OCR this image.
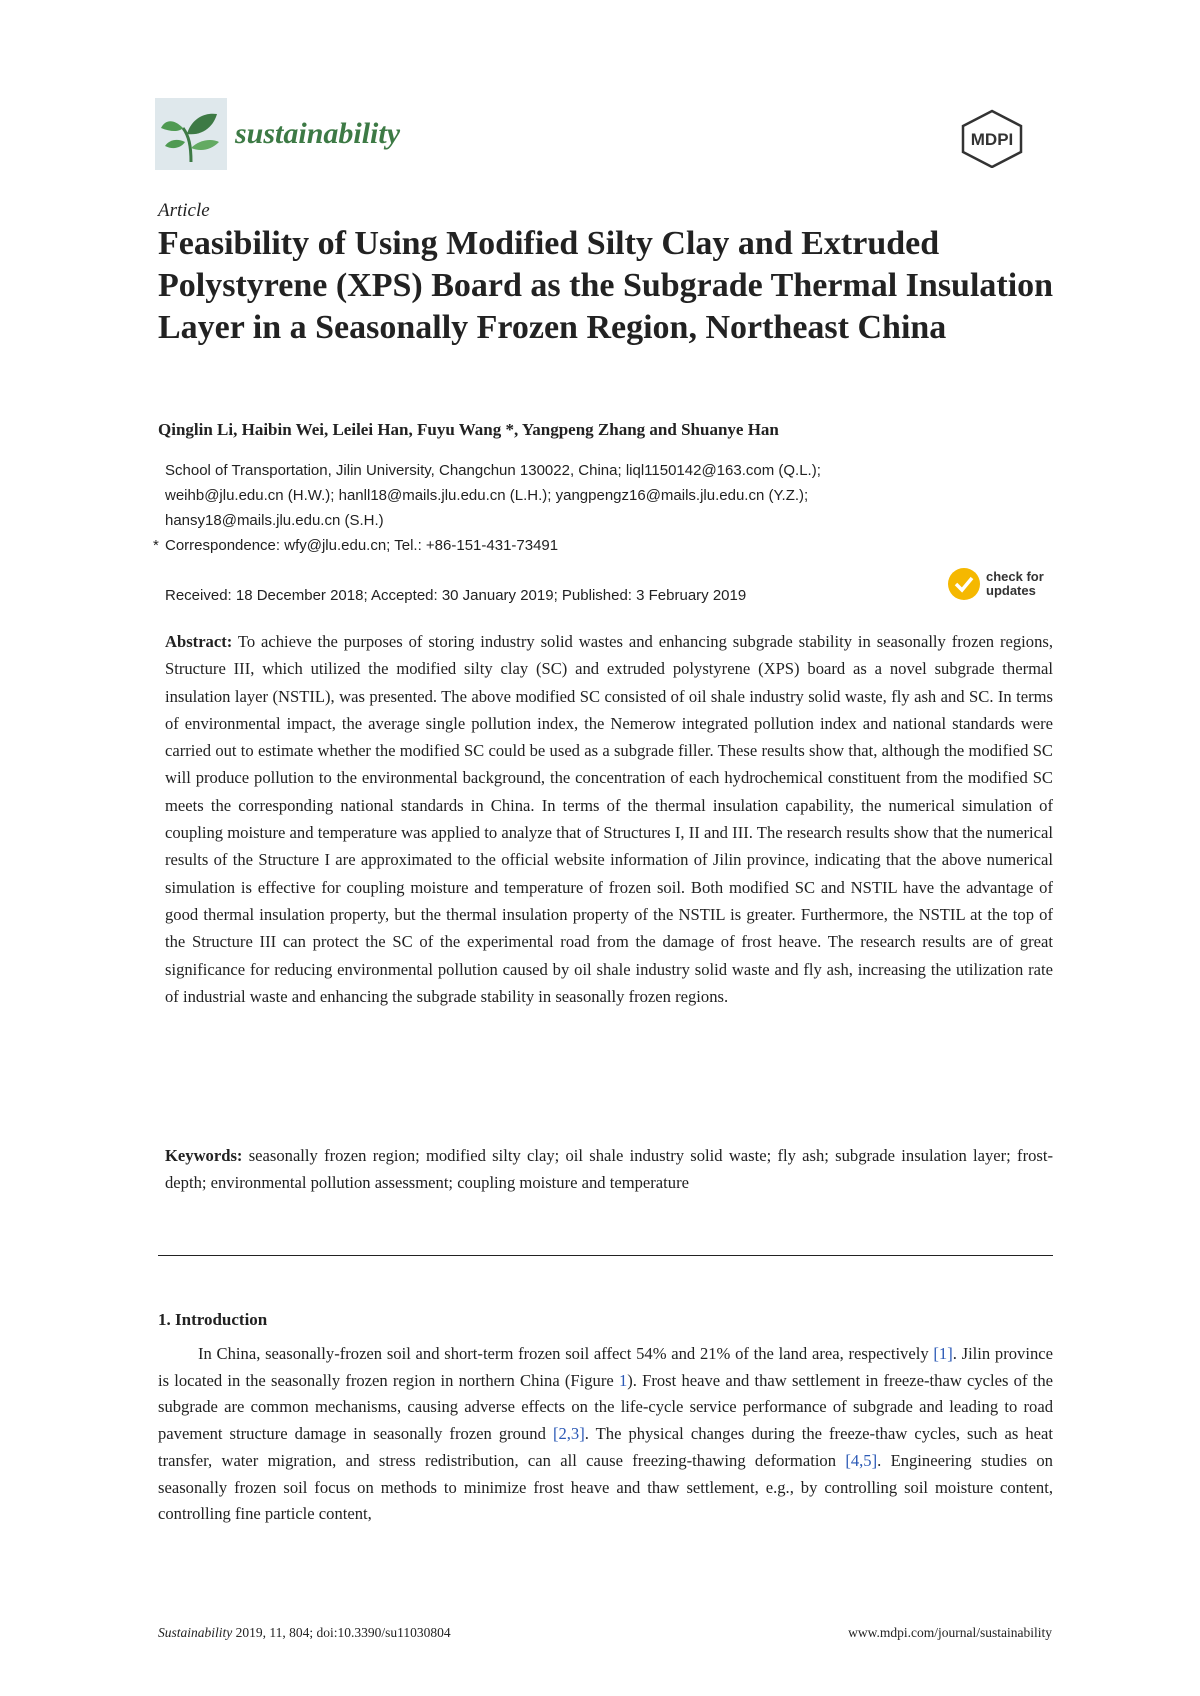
sustainability	MDPI
Article
Feasibility of Using Modified Silty Clay and Extruded Polystyrene (XPS) Board as the Subgrade Thermal Insulation Layer in a Seasonally Frozen Region, Northeast China
Qinglin Li, Haibin Wei, Leilei Han, Fuyu Wang *, Yangpeng Zhang and Shuanye Han
School of Transportation, Jilin University, Changchun 130022, China; liql1150142@163.com (Q.L.);
weihb@jlu.edu.cn (H.W.); hanll18@mails.jlu.edu.cn (L.H.); yangpengz16@mails.jlu.edu.cn (Y.Z.);
hansy18@mails.jlu.edu.cn (S.H.)
* Correspondence: wfy@jlu.edu.cn; Tel.: +86-151-431-73491
Received: 18 December 2018; Accepted: 30 January 2019; Published: 3 February 2019
check for
updates
Abstract: To achieve the purposes of storing industry solid wastes and enhancing subgrade stability in seasonally frozen regions, Structure III, which utilized the modified silty clay (SC) and extruded polystyrene (XPS) board as a novel subgrade thermal insulation layer (NSTIL), was presented. The above modified SC consisted of oil shale industry solid waste, fly ash and SC. In terms of environmental impact, the average single pollution index, the Nemerow integrated pollution index and national standards were carried out to estimate whether the modified SC could be used as a subgrade filler. These results show that, although the modified SC will produce pollution to the environmental background, the concentration of each hydrochemical constituent from the modified SC meets the corresponding national standards in China. In terms of the thermal insulation capability, the numerical simulation of coupling moisture and temperature was applied to analyze that of Structures I, II and III. The research results show that the numerical results of the Structure I are approximated to the official website information of Jilin province, indicating that the above numerical simulation is effective for coupling moisture and temperature of frozen soil. Both modified SC and NSTIL have the advantage of good thermal insulation property, but the thermal insulation property of the NSTIL is greater. Furthermore, the NSTIL at the top of the Structure III can protect the SC of the experimental road from the damage of frost heave. The research results are of great significance for reducing environmental pollution caused by oil shale industry solid waste and fly ash, increasing the utilization rate of industrial waste and enhancing the subgrade stability in seasonally frozen regions.
Keywords: seasonally frozen region; modified silty clay; oil shale industry solid waste; fly ash; subgrade insulation layer; frost-depth; environmental pollution assessment; coupling moisture and temperature
1. Introduction
In China, seasonally-frozen soil and short-term frozen soil affect 54% and 21% of the land area, respectively [1]. Jilin province is located in the seasonally frozen region in northern China (Figure 1). Frost heave and thaw settlement in freeze-thaw cycles of the subgrade are common mechanisms, causing adverse effects on the life-cycle service performance of subgrade and leading to road pavement structure damage in seasonally frozen ground [2,3]. The physical changes during the freeze-thaw cycles, such as heat transfer, water migration, and stress redistribution, can all cause freezing-thawing deformation [4,5]. Engineering studies on seasonally frozen soil focus on methods to minimize frost heave and thaw settlement, e.g., by controlling soil moisture content, controlling fine particle content,
Sustainability 2019, 11, 804; doi:10.3390/su11030804	www.mdpi.com/journal/sustainability
